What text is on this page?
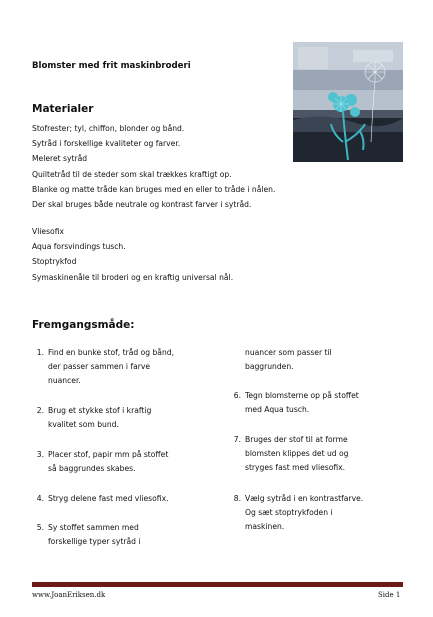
Blomster med frit maskinbroderi
Materialer
Stofrester; tyl, chiffon, blonder og bånd.
Sytråd i forskellige kvaliteter og farver.
Meleret sytråd
Quiltetråd til de steder som skal trækkes kraftigt op.
Blanke og matte tråde kan bruges med en eller to tråde i nålen.
Der skal bruges både neutrale og kontrast farver i sytråd.
Vliesofix
Aqua forsvindings tusch.
Stoptrykfod
Symaskinenåle til broderi og en kraftig universal nål.
Fremgangsmåde:
1. Find en bunke stof, tråd og bånd,
der passer sammen i farve
nuancer.
2. Brug et stykke stof i kraftig
kvalitet som bund.
3. Placer stof, papir mm på stoffet
så baggrundes skabes.
4. Stryg delene fast med vliesofix.
5. Sy stoffet sammen med
forskellige typer sytråd i
nuancer som passer til
baggrunden.
6. Tegn blomsterne op på stoffet
med Aqua tusch.
7. Bruges der stof til at forme
blomsten klippes det ud og
stryges fast med vliesofix.
8. Vælg sytråd i en kontrastfarve.
Og sæt stoptrykfoden i
maskinen.
www.JoanEriksen.dk	Side 1
